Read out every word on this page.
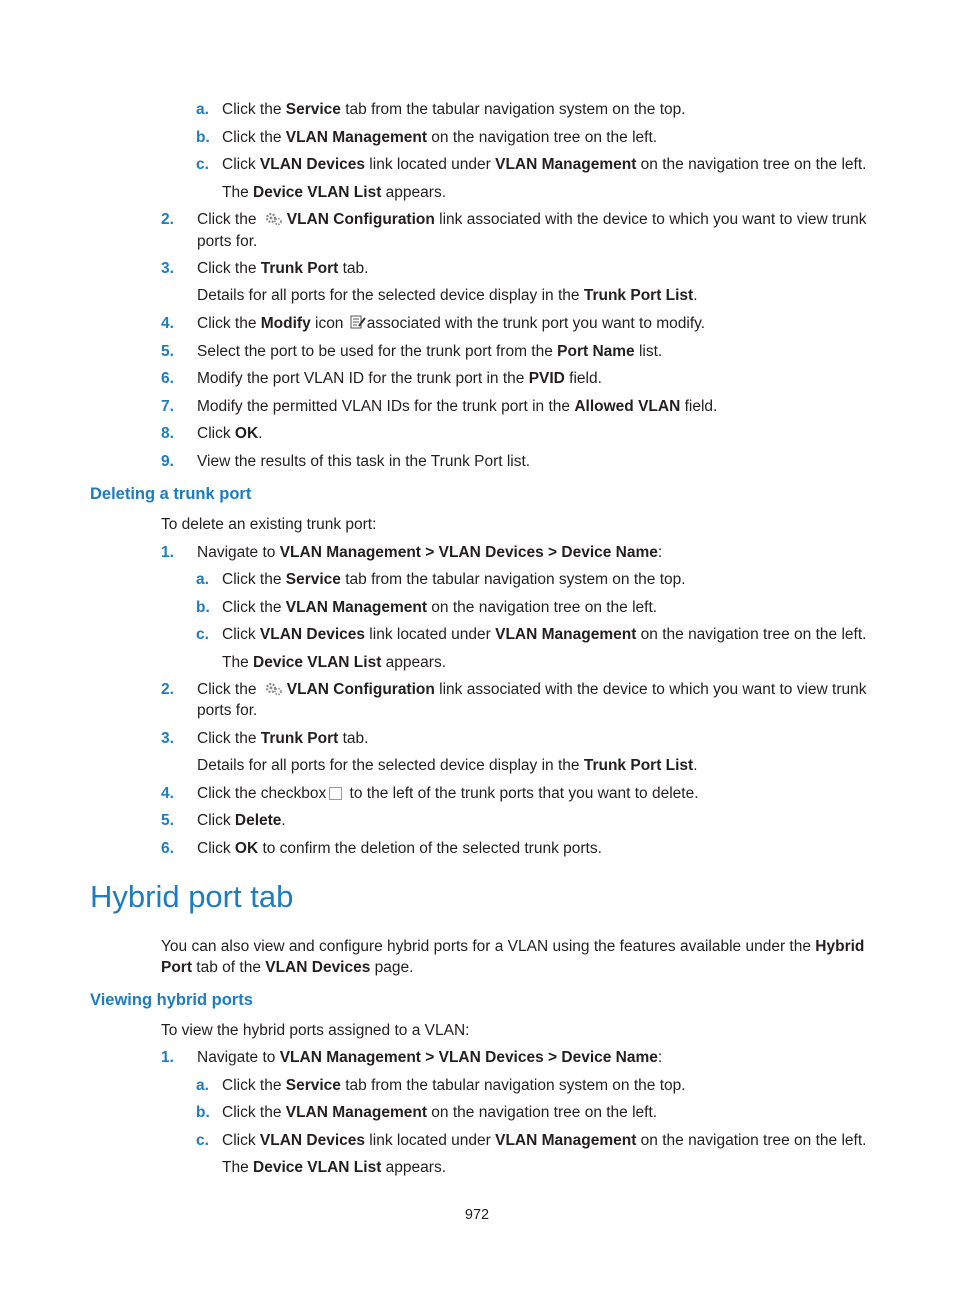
a. Click the Service tab from the tabular navigation system on the top.
b. Click the VLAN Management on the navigation tree on the left.
c. Click VLAN Devices link located under VLAN Management on the navigation tree on the left.
The Device VLAN List appears.
2. Click the VLAN Configuration link associated with the device to which you want to view trunk
ports for.
3. Click the Trunk Port tab.
Details for all ports for the selected device display in the Trunk Port List.
4. Click the Modify icon associated with the trunk port you want to modify.
5. Select the port to be used for the trunk port from the Port Name list.
6. Modify the port VLAN ID for the trunk port in the PVID field.
7. Modify the permitted VLAN IDs for the trunk port in the Allowed VLAN field.
8. Click OK.
9. View the results of this task in the Trunk Port list.
Deleting a trunk port
To delete an existing trunk port:
1. Navigate to VLAN Management > VLAN Devices > Device Name:
a. Click the Service tab from the tabular navigation system on the top.
b. Click the VLAN Management on the navigation tree on the left.
c. Click VLAN Devices link located under VLAN Management on the navigation tree on the left.
The Device VLAN List appears.
2. Click the VLAN Configuration link associated with the device to which you want to view trunk
ports for.
3. Click the Trunk Port tab.
Details for all ports for the selected device display in the Trunk Port List.
4. Click the checkbox to the left of the trunk ports that you want to delete.
5. Click Delete.
6. Click OK to confirm the deletion of the selected trunk ports.
Hybrid port tab
You can also view and configure hybrid ports for a VLAN using the features available under the Hybrid Port tab of the VLAN Devices page.
Viewing hybrid ports
To view the hybrid ports assigned to a VLAN:
1. Navigate to VLAN Management > VLAN Devices > Device Name:
a. Click the Service tab from the tabular navigation system on the top.
b. Click the VLAN Management on the navigation tree on the left.
c. Click VLAN Devices link located under VLAN Management on the navigation tree on the left.
The Device VLAN List appears.
972
